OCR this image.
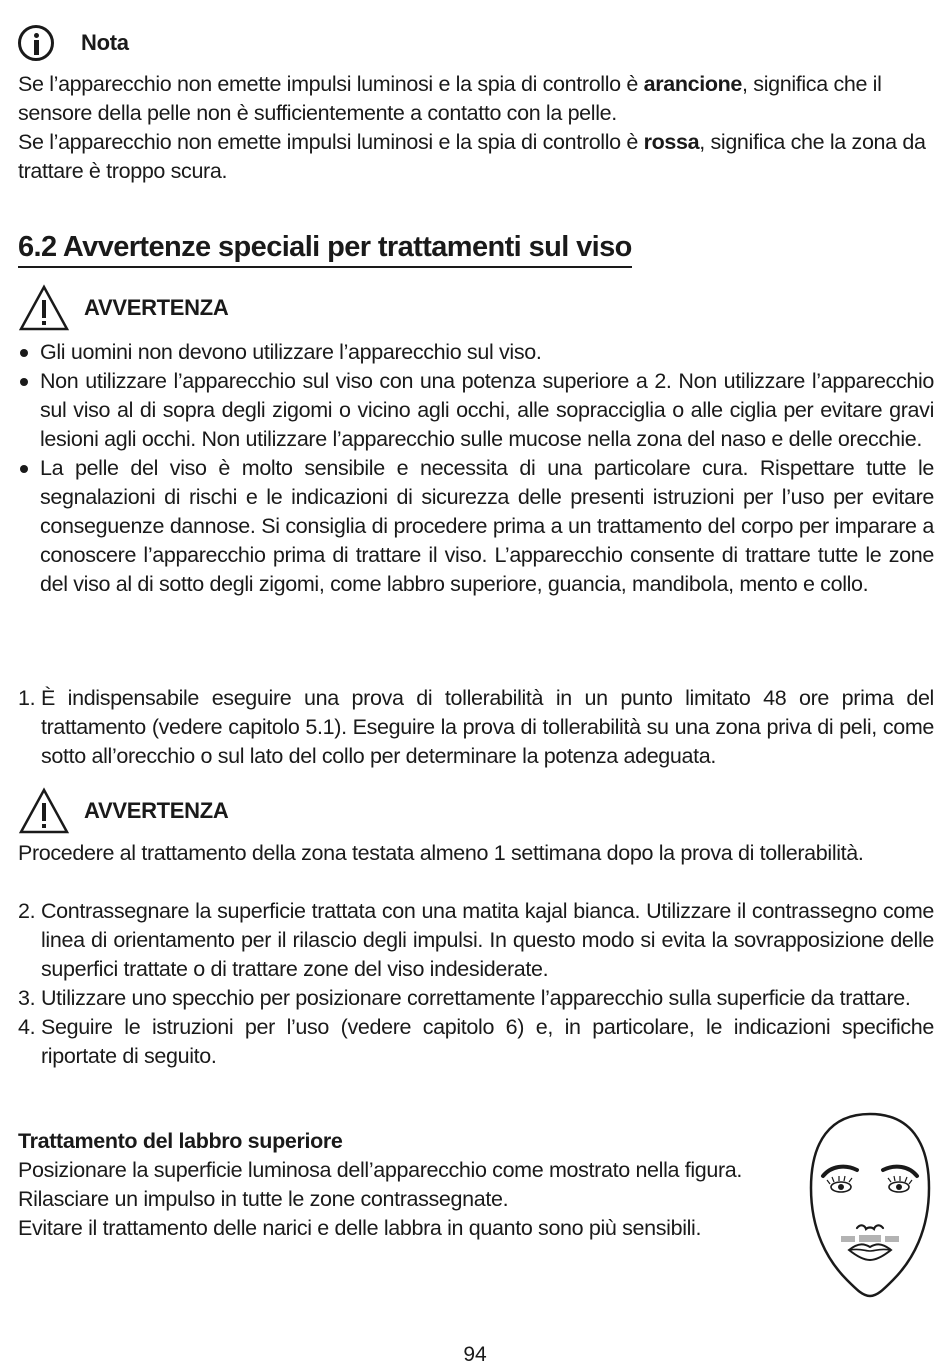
Nota
Se l’apparecchio non emette impulsi luminosi e la spia di controllo è arancione, significa che il sensore della pelle non è sufficientemente a contatto con la pelle.
Se l’apparecchio non emette impulsi luminosi e la spia di controllo è rossa, significa che la zona da trattare è troppo scura.
6.2 Avvertenze speciali per trattamenti sul viso
AVVERTENZA
Gli uomini non devono utilizzare l’apparecchio sul viso.
Non utilizzare l’apparecchio sul viso con una potenza superiore a 2. Non utilizzare l’apparecchio sul viso al di sopra degli zigomi o vicino agli occhi, alle sopracciglia o alle ciglia per evitare gravi lesioni agli occhi. Non utilizzare l’apparecchio sulle mucose nella zona del naso e delle orecchie.
La pelle del viso è molto sensibile e necessita di una particolare cura. Rispettare tutte le segnalazioni di rischi e le indicazioni di sicurezza delle presenti istruzioni per l’uso per evitare conseguenze dannose. Si consiglia di procedere prima a un trattamento del corpo per imparare a conoscere l’apparecchio prima di trattare il viso. L’apparecchio consente di trattare tutte le zone del viso al di sotto degli zigomi, come labbro superiore, guancia, mandibola, mento e collo.
1. È indispensabile eseguire una prova di tollerabilità in un punto limitato 48 ore prima del trattamento (vedere capitolo 5.1). Eseguire la prova di tollerabilità su una zona priva di peli, come sotto all’orecchio o sul lato del collo per determinare la potenza adeguata.
AVVERTENZA
Procedere al trattamento della zona testata almeno 1 settimana dopo la prova di tollerabilità.
2. Contrassegnare la superficie trattata con una matita kajal bianca. Utilizzare il contrassegno come linea di orientamento per il rilascio degli impulsi. In questo modo si evita la sovrapposizione delle superfici trattate o di trattare zone del viso indesiderate.
3. Utilizzare uno specchio per posizionare correttamente l’apparecchio sulla superficie da trattare.
4. Seguire le istruzioni per l’uso (vedere capitolo 6) e, in particolare, le indicazioni specifiche riportate di seguito.
Trattamento del labbro superiore
Posizionare la superficie luminosa dell’apparecchio come mostrato nella figura.
Rilasciare un impulso in tutte le zone contrassegnate.
Evitare il trattamento delle narici e delle labbra in quanto sono più sensibili.
94
